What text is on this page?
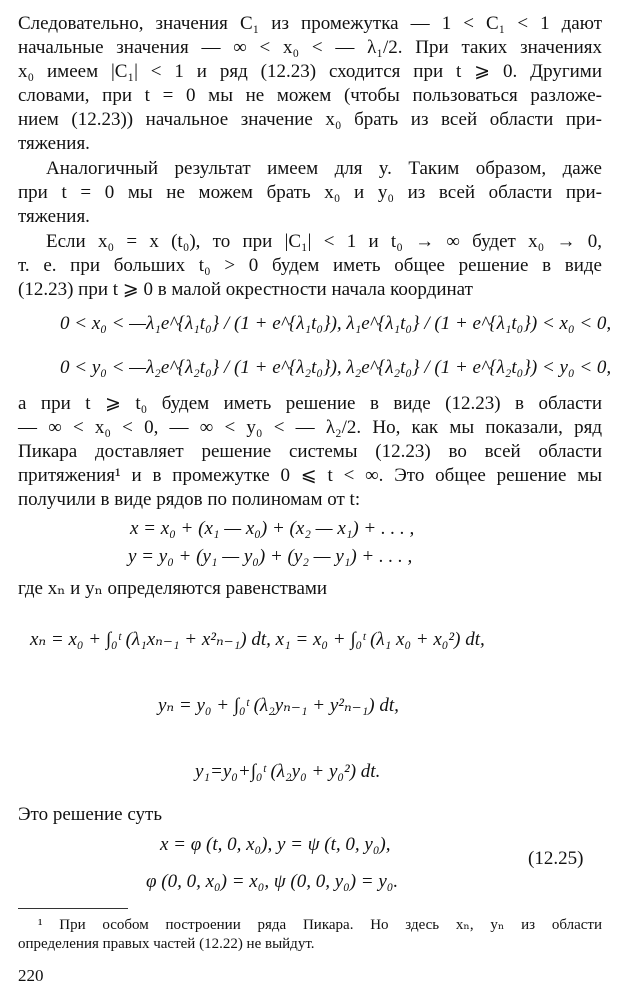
Следовательно, значения C₁ из промежутка — 1 < C₁ < 1 дают
начальные значения — ∞ < x₀ < — λ₁/2. При таких значениях
x₀ имеем |C₁| < 1 и ряд (12.23) сходится при t ⩾ 0. Другими
словами, при t = 0 мы не можем (чтобы пользоваться разложе-
нием (12.23)) начальное значение x₀ брать из всей области при-
тяжения.
Аналогичный результат имеем для y. Таким образом, даже
при t = 0 мы не можем брать x₀ и y₀ из всей области при-
тяжения.
Если x₀ = x (t₀), то при |C₁| < 1 и t₀ → ∞ будет x₀ → 0,
т. е. при больших t₀ > 0 будем иметь общее решение в виде
(12.23) при t ⩾ 0 в малой окрестности начала координат
0 < x₀ < —λ₁e^{λ₁t₀} / (1 + e^{λ₁t₀}), λ₁e^{λ₁t₀} / (1 + e^{λ₁t₀}) < x₀ < 0,
0 < y₀ < —λ₂e^{λ₂t₀} / (1 + e^{λ₂t₀}), λ₂e^{λ₂t₀} / (1 + e^{λ₂t₀}) < y₀ < 0,
а при t ⩾ t₀ будем иметь решение в виде (12.23) в области
— ∞ < x₀ < 0, — ∞ < y₀ < — λ₂/2. Но, как мы показали, ряд
Пикара доставляет решение системы (12.23) во всей области
притяжения¹ и в промежутке 0 ⩽ t < ∞. Это общее решение мы
получили в виде рядов по полиномам от t:
x = x₀ + (x₁ — x₀) + (x₂ — x₁) + . . . ,
y = y₀ + (y₁ — y₀) + (y₂ — y₁) + . . . ,
где xₙ и yₙ определяются равенствами
xₙ = x₀ + ∫₀ᵗ (λ₁xₙ₋₁ + x²ₙ₋₁) dt, x₁ = x₀ + ∫₀ᵗ (λ₁ x₀ + x₀²) dt,
yₙ = y₀ + ∫₀ᵗ (λ₂yₙ₋₁ + y²ₙ₋₁) dt,
y₁=y₀+∫₀ᵗ (λ₂y₀ + y₀²) dt.
Это решение суть
x = φ (t, 0, x₀), y = ψ (t, 0, y₀),
φ (0, 0, x₀) = x₀, ψ (0, 0, y₀) = y₀.
(12.25)
¹ При особом построении ряда Пикара. Но здесь xₙ, yₙ из области
определения правых частей (12.22) не выйдут.
220
